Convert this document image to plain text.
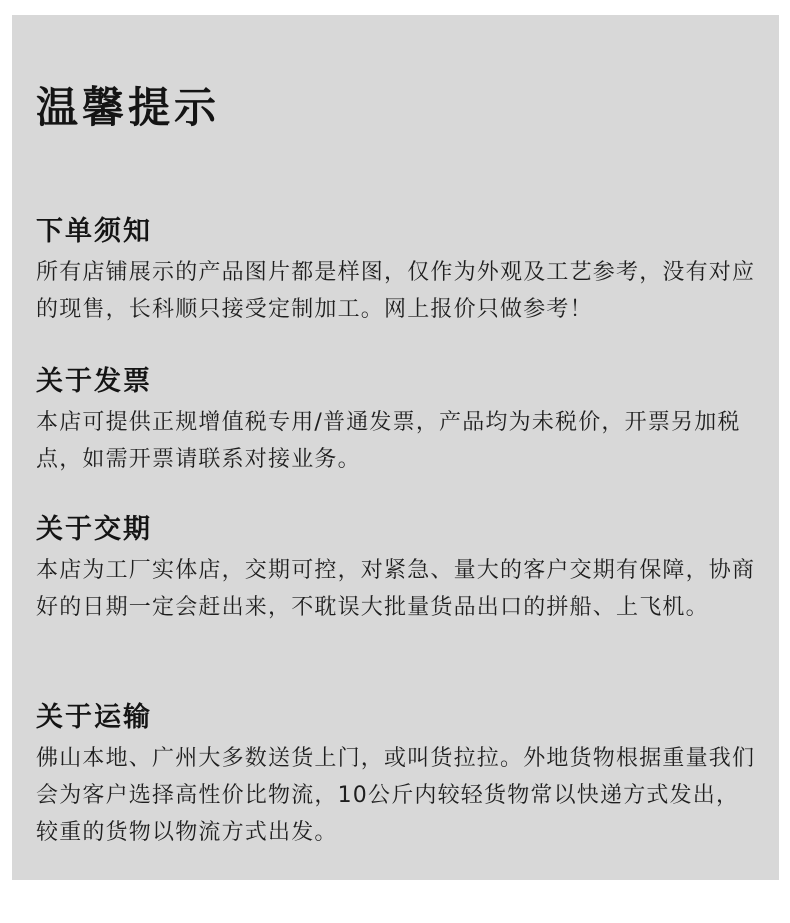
温馨提示
下单须知

所有店铺展示的产品图片都是样图，仅作为外观及工艺参考，没有对应的现售，长科顺只接受定制加工。网上报价只做参考！

关于发票

本店可提供正规增值税专用/普通发票，产品均为未税价，开票另加税点，如需开票请联系对接业务。

关于交期

本店为工厂实体店，交期可控，对紧急、量大的客户交期有保障，协商好的日期一定会赶出来，不耽误大批量货品出口的拼船、上飞机。

关于运输

佛山本地、广州大多数送货上门，或叫货拉拉。外地货物根据重量我们会为客户选择高性价比物流，10公斤内较轻货物常以快递方式发出，较重的货物以物流方式出发。
